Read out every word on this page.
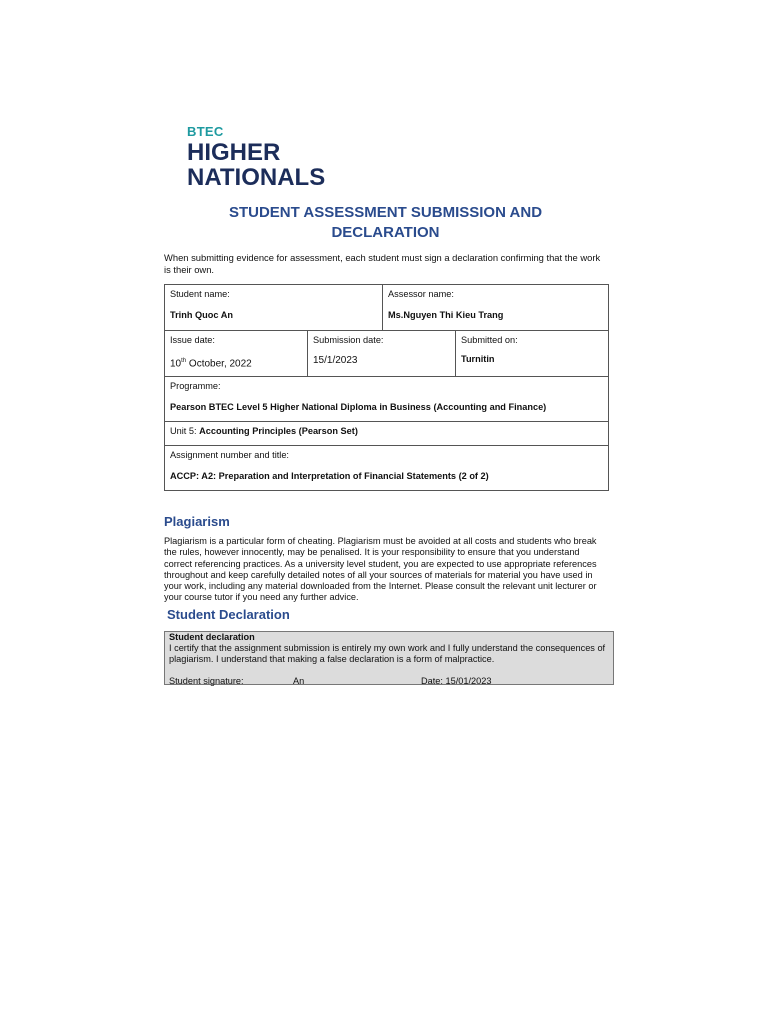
BTEC
HIGHER
NATIONALS
STUDENT ASSESSMENT SUBMISSION AND
DECLARATION
When submitting evidence for assessment, each student must sign a declaration confirming that the work is their own.
Student name:
Trinh Quoc An		Assessor name:
Ms.Nguyen Thi Kieu Trang	

Issue date:
10th October, 2022	Submission date:
15/1/2023		Submitted on:
Turnitin

Programme:
Pearson BTEC Level 5 Higher National Diploma in Business (Accounting and Finance)			

Unit 5: Accounting Principles (Pearson Set)			

Assignment number and title:
ACCP: A2: Preparation and Interpretation of Financial Statements (2 of 2)			
Plagiarism
Plagiarism is a particular form of cheating. Plagiarism must be avoided at all costs and students who break the rules, however innocently, may be penalised. It is your responsibility to ensure that you understand correct referencing practices. As a university level student, you are expected to use appropriate references throughout and keep carefully detailed notes of all your sources of materials for material you have used in your work, including any material downloaded from the Internet. Please consult the relevant unit lecturer or your course tutor if you need any further advice.
Student Declaration
Student declaration
I certify that the assignment submission is entirely my own work and I fully understand the consequences of plagiarism. I understand that making a false declaration is a form of malpractice.
Student signature:	An	Date: 15/01/2023
